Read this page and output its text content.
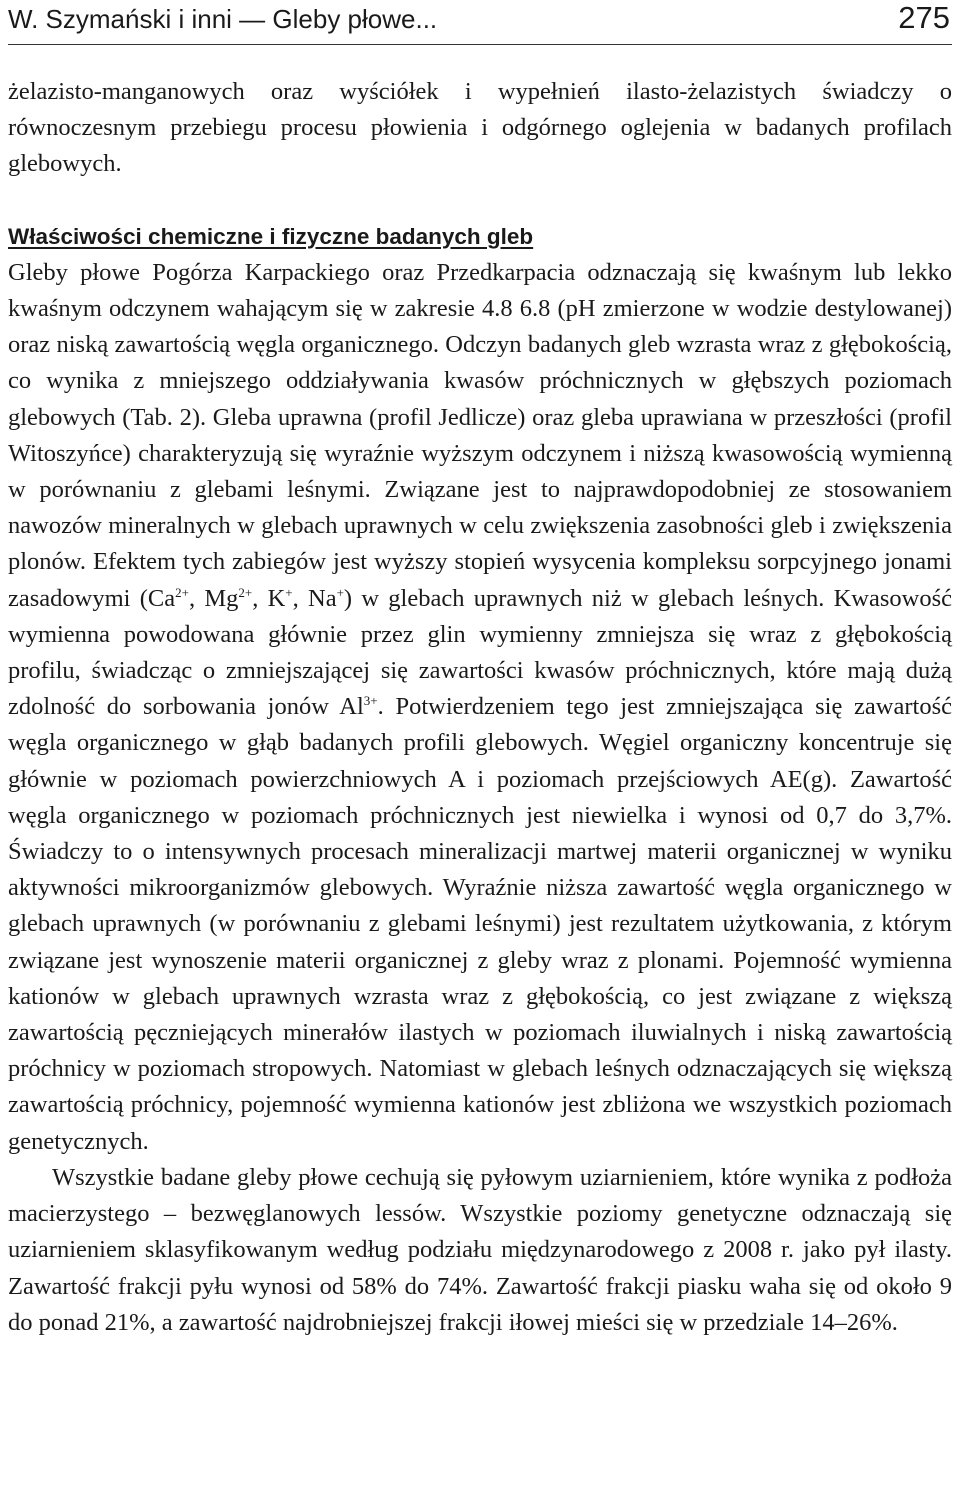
W. Szymański i inni — Gleby płowe...	275

żelazisto-manganowych oraz wyściółek i wypełnień ilasto-żelazistych świadczy o równoczesnym przebiegu procesu płowienia i odgórnego oglejenia w badanych profilach glebowych.

Właściwości chemiczne i fizyczne badanych gleb

Gleby płowe Pogórza Karpackiego oraz Przedkarpacia odznaczają się kwaśnym lub lekko kwaśnym odczynem wahającym się w zakresie 4.8 6.8 (pH zmierzone w wodzie destylowanej) oraz niską zawartością węgla organicznego. Odczyn badanych gleb wzrasta wraz z głębokością, co wynika z mniejszego oddziaływania kwasów próchnicznych w głębszych poziomach glebowych (Tab. 2). Gleba uprawna (profil Jedlicze) oraz gleba uprawiana w przeszłości (profil Witoszyńce) charakteryzują się wyraźnie wyższym odczynem i niższą kwasowością wymienną w porównaniu z glebami leśnymi. Związane jest to najprawdopodobniej ze stosowaniem nawozów mineralnych w glebach uprawnych w celu zwiększenia zasobności gleb i zwiększenia plonów. Efektem tych zabiegów jest wyższy stopień wysycenia kompleksu sorpcyjnego jonami zasadowymi ($Ca^{2+}$, $Mg^{2+}$, K+, Na+) w glebach uprawnych niż w glebach leśnych. Kwasowość wymienna powodowana głównie przez glin wymienny zmniejsza się wraz z głębokością profilu, świadcząc o zmniejszającej się zawartości kwasów próchnicznych, które mają dużą zdolność do sorbowania jonów $Al^{3+}$. Potwierdzeniem tego jest zmniejszająca się zawartość węgla organicznego w głąb badanych profili glebowych. Węgiel organiczny koncentruje się głównie w poziomach powierzchniowych A i poziomach przejściowych AE(g). Zawartość węgla organicznego w poziomach próchnicznych jest niewielka i wynosi od 0,7 do 3,7%. Świadczy to o intensywnych procesach mineralizacji martwej materii organicznej w wyniku aktywności mikroorganizmów glebowych. Wyraźnie niższa zawartość węgla organicznego w glebach uprawnych (w porównaniu z glebami leśnymi) jest rezultatem użytkowania, z którym związane jest wynoszenie materii organicznej z gleby wraz z plonami. Pojemność wymienna kationów w glebach uprawnych wzrasta wraz z głębokością, co jest związane z większą zawartością pęczniejących minerałów ilastych w poziomach iluwialnych i niską zawartością próchnicy w poziomach stropowych. Natomiast w glebach leśnych odznaczających się większą zawartością próchnicy, pojemność wymienna kationów jest zbliżona we wszystkich poziomach genetycznych.

Wszystkie badane gleby płowe cechują się pyłowym uziarnieniem, które wynika z podłoża macierzystego – bezwęglanowych lessów. Wszystkie poziomy genetyczne odznaczają się uziarnieniem sklasyfikowanym według podziału międzynarodowego z 2008 r. jako pył ilasty. Zawartość frakcji pyłu wynosi od 58% do 74%. Zawartość frakcji piasku waha się od około 9 do ponad 21%, a zawartość najdrobniejszej frakcji iłowej mieści się w przedziale 14–26%.
